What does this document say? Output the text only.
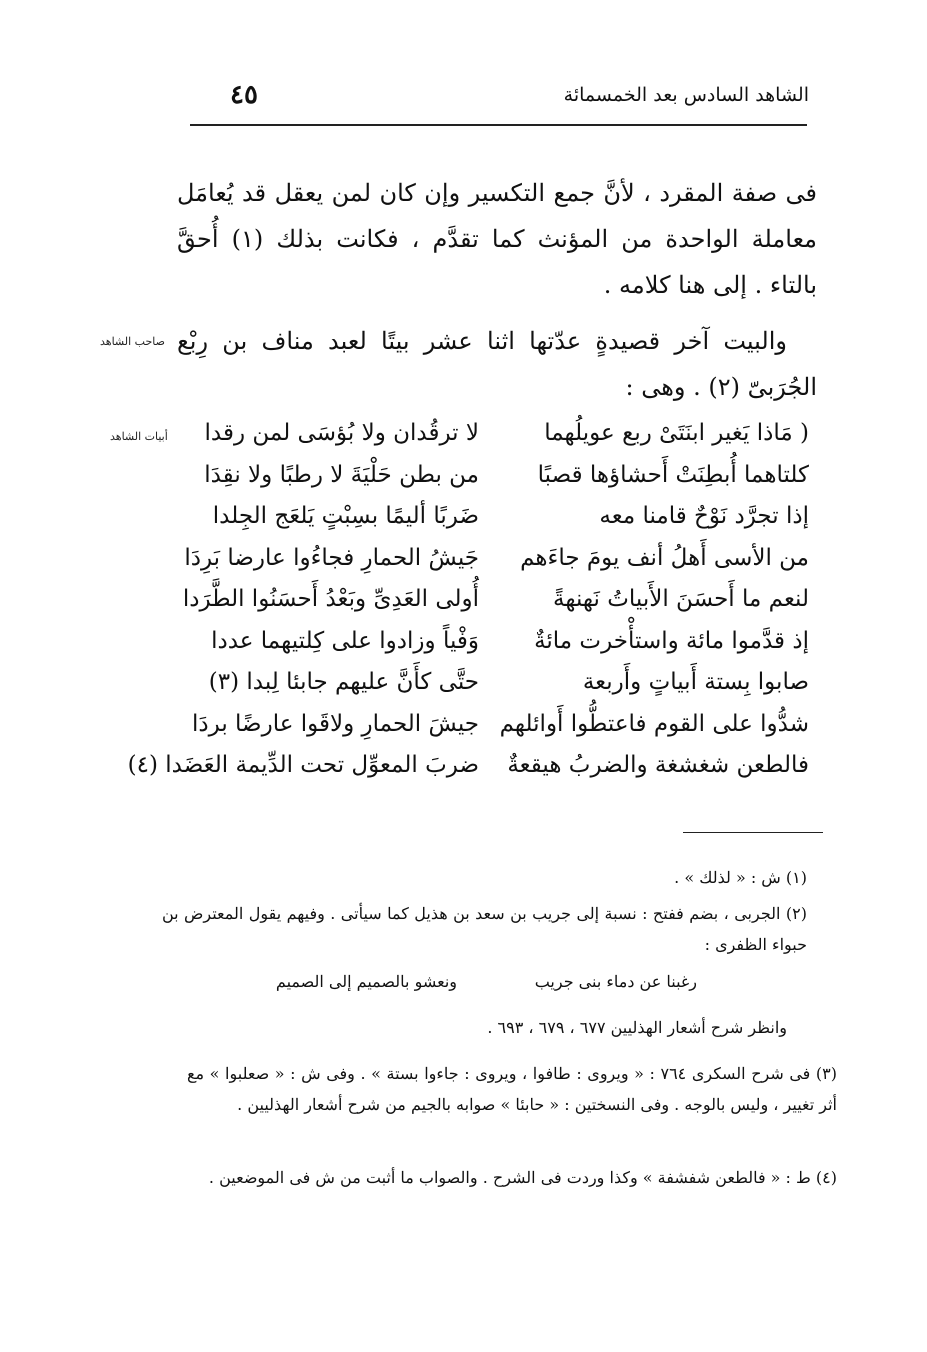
الشاهد السادس بعد الخمسمائة
٤٥
فى صفة المقرد ، لأنَّ جمع التكسير وإن كان لمن يعقل قد يُعامَل معاملة الواحدة من المؤنث كما تقدَّم ، فكانت بذلك (١) أُحقَّ بالتاء . إلى هنا كلامه .
والبيت آخر قصيدةٍ عدّتها اثنا عشر بيتًا لعبد مناف بن رِبْع الجُرَبىّ (٢) . وهى :
صاحب الشاهد
أبيات الشاهد	( مَاذا يَغير ابنَتَىْ ربع عويلُهما
لا ترقُدان ولا بُؤسَى لمن رقدا
كلتاهما أُبطِنَتْ أَحشاؤها قصبًا
من بطن حَلْيَةَ لا رطبًا ولا نقِدَا
إذا تجرَّد نَوْحٌ قامنا معه
ضَربًا أليمًا بسِبْتٍ يَلعَج الجِلدا
من الأسى أَهلُ أنف يومَ جاءَهم
جَيشُ الحمارِ فجاءُوا عارضا بَرِدَا
لنعم ما أَحسَنَ الأَبياتُ نَهنهةً
أُولى العَدِىِّ وبَعْدُ أَحسَنُوا الطَّرَدا
إذ قدَّموا مائة واستأْخرت مائةٌ
وَفْياً وزادوا على كِلتيهما عددا
صابوا بِستة أَبياتٍ وأَربعة
حتَّى كأَنَّ عليهم جابئا لِبدا (٣)
شدُّوا على القوم فاعتطُّوا أَوائلهم
جيشَ الحمارِ ولاقَوا عارضًا بردَا
فالطعن شغشغة والضربُ هيقعةٌ
ضربَ المعوِّل تحت الدِّيمة العَضَدا (٤)
(١) ش : « لذلك » .
(٢) الجربى ، بضم ففتح : نسبة إلى جريب بن سعد بن هذيل كما سيأتى . وفيهم يقول المعترض بن حبواء الظفرى :
رغبنا عن دماء بنى جريب
ونعشو بالصميم إلى الصميم
وانظر شرح أشعار الهذليين ٦٧٧ ، ٦٧٩ ، ٦٩٣ .
(٣) فى شرح السكرى ٧٦٤ : « ويروى : طافوا ، ويروى : جاءوا بستة » . وفى ش : « صعلبوا » مع أثر تغيير ، وليس بالوجه . وفى النسختين : « حابئا » صوابه بالجيم من شرح أشعار الهذليين .
(٤) ط : « فالطعن شفشفة » وكذا وردت فى الشرح . والصواب ما أثبت من ش فى الموضعين .
